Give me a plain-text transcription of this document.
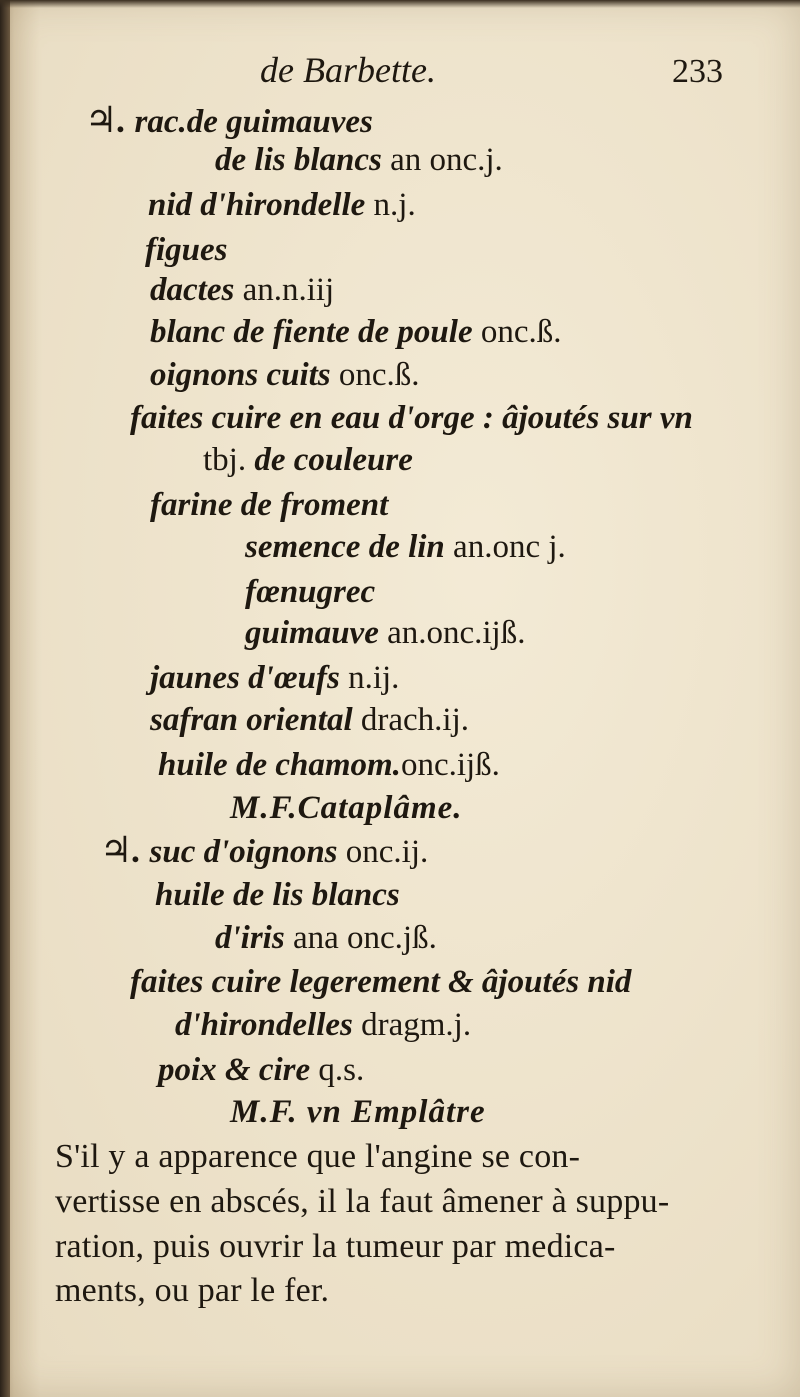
de Barbette.	233
♃. rac.de guimauves
de lis blancs an onc.j.
nid d'hirondelle n.j.
figues
dactes an.n.iij
blanc de fiente de poule onc.ß.
oignons cuits onc.ß.
faites cuire en eau d'orge : âjoutés sur vn
tbj. de couleure
farine de froment
semence de lin an.onc j.
fœnugrec
guimauve an.onc.ijß.
jaunes d'œufs n.ij.
safran oriental drach.ij.
huile de chamom.onc.ijß.
M.F.Cataplâme.
♃. suc d'oignons onc.ij.
huile de lis blancs
d'iris ana onc.jß.
faites cuire legerement & âjoutés nid
d'hirondelles dragm.j.
poix & cire q.s.
M.F. vn Emplâtre
S'il y a apparence que l'angine se con-
vertisse en abscés, il la faut âmener à suppu-
ration, puis ouvrir la tumeur par medica-
ments, ou par le fer.
